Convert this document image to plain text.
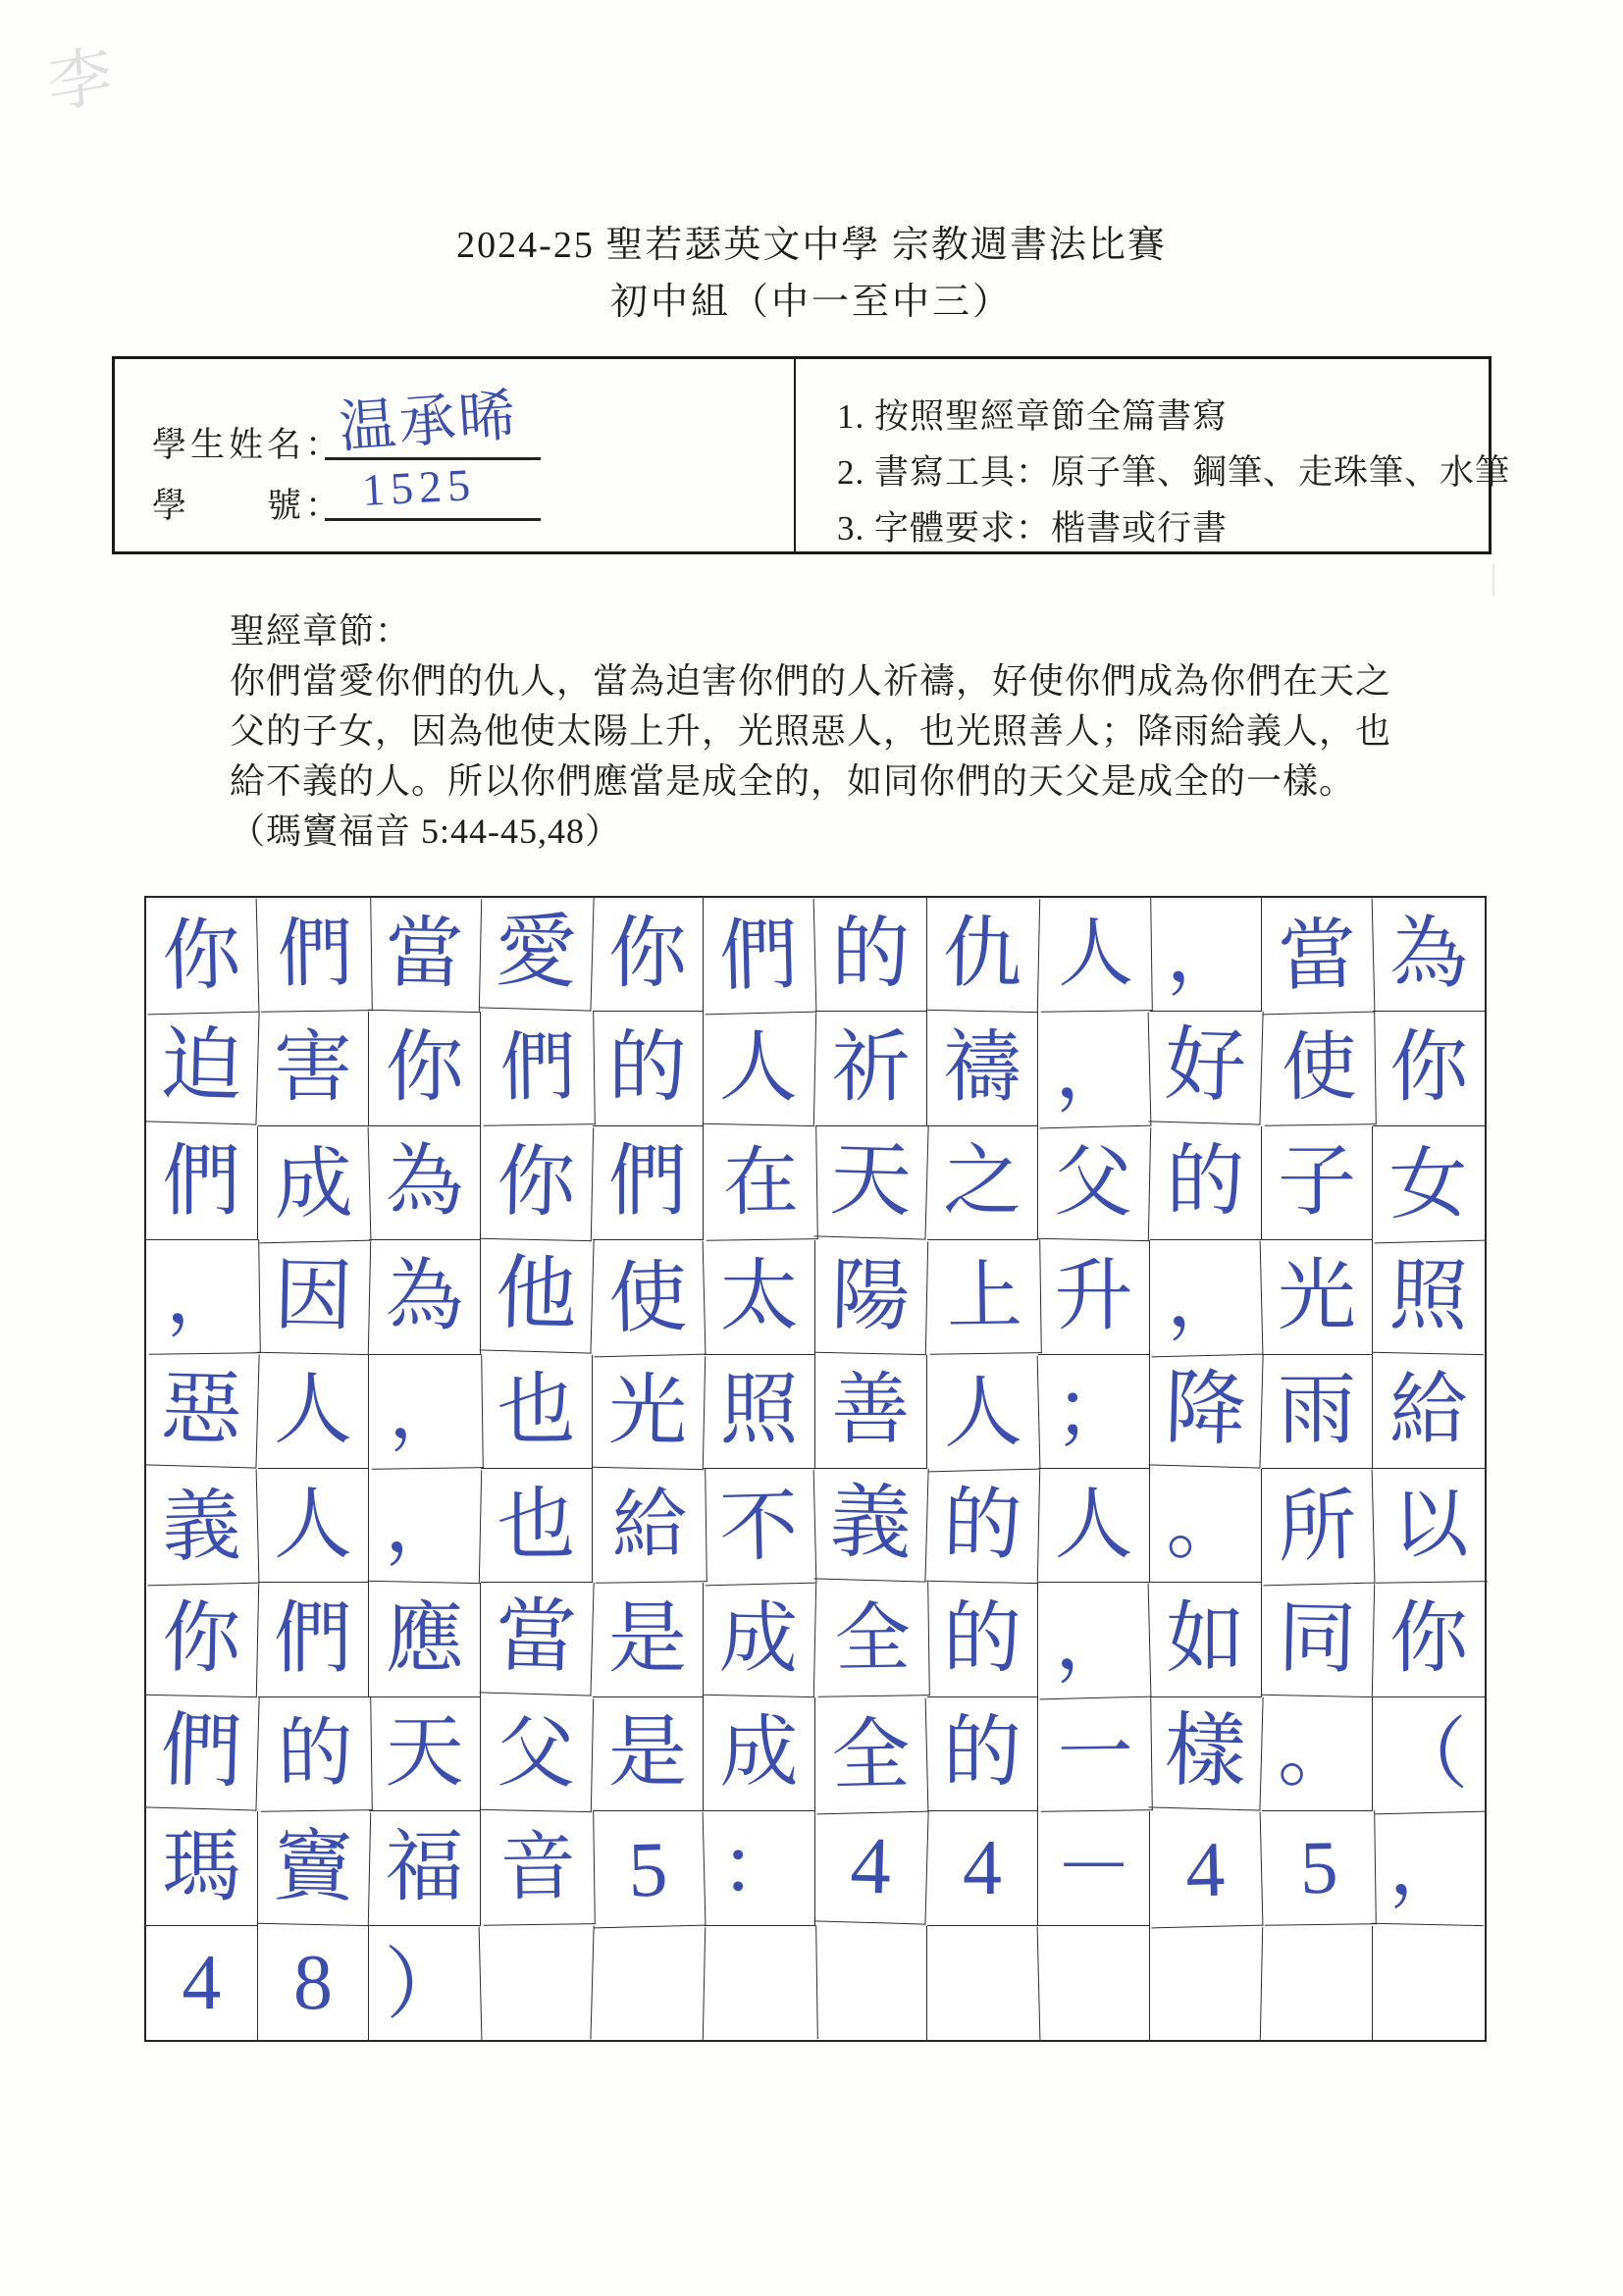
李
2024-25 聖若瑟英文中學 宗教週書法比賽
初中組（中一至中三）
學生姓名：
温承晞
學　　號： 1525
1. 按照聖經章節全篇書寫
2. 書寫工具：原子筆、鋼筆、走珠筆、水筆
3. 字體要求：楷書或行書
聖經章節：
你們當愛你們的仇人，當為迫害你們的人祈禱，好使你們成為你們在天之
父的子女，因為他使太陽上升，光照惡人，也光照善人；降雨給義人，也
給不義的人。所以你們應當是成全的，如同你們的天父是成全的一樣。
（瑪竇福音 5:44-45,48）
你 們 當 愛 你 們 的 仇 人 ， 當 為
迫 害 你 們 的 人 祈 禱 ， 好 使 你
們 成 為 你 們 在 天 之 父 的 子 女
， 因 為 他 使 太 陽 上 升 ， 光 照
惡 人 ， 也 光 照 善 人 ； 降 雨 給
義 人 ， 也 給 不 義 的 人 。 所 以
你 們 應 當 是 成 全 的 ， 如 同 你
們 的 天 父 是 成 全 的 一 樣 。 （
瑪 竇 福 音 5 ： 4 4 － 4 5 ，
4 8 ）
